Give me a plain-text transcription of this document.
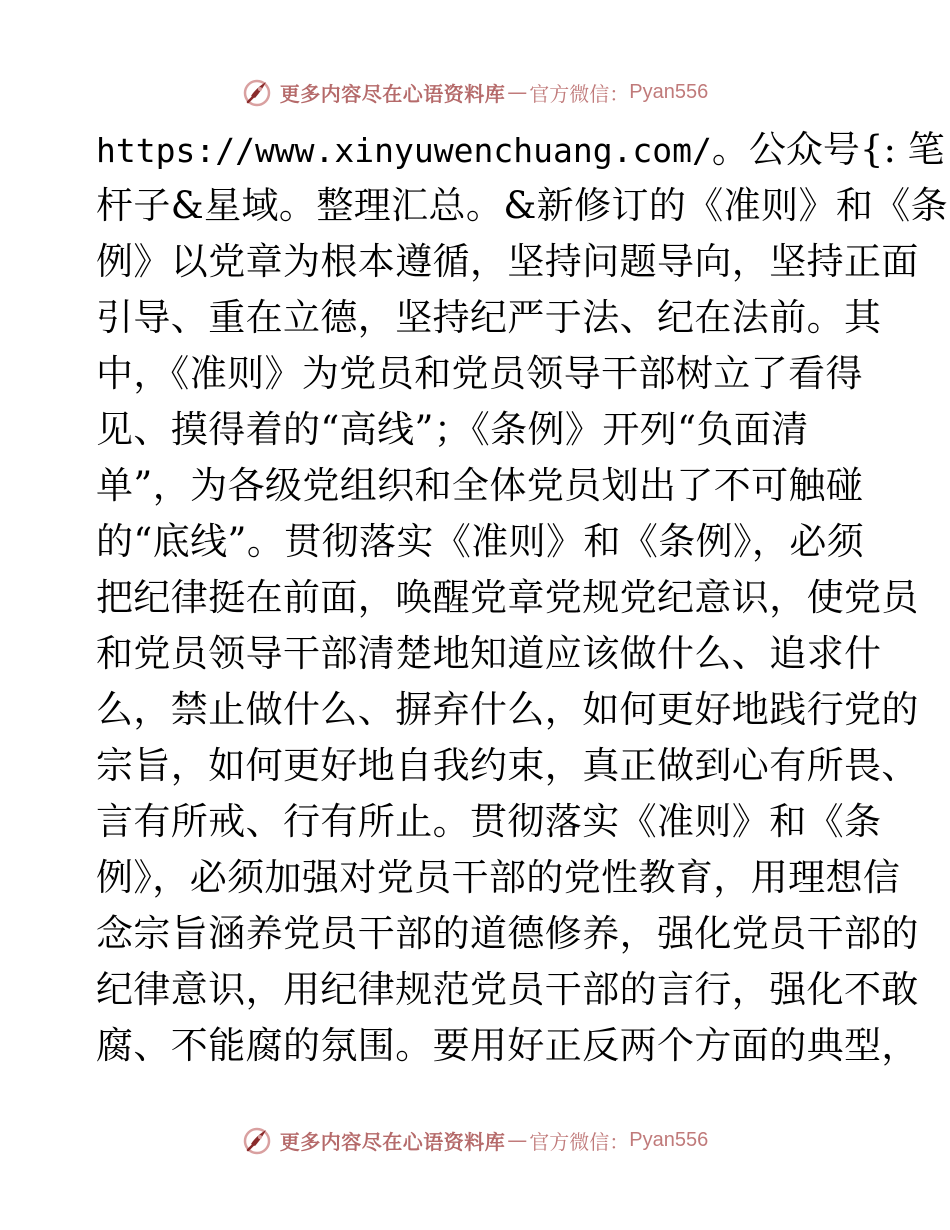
更多内容尽在心语资料库 — 官方微信： Pyan556
https://www.xinyuwenchuang.com/。公众号{: 笔
杆子&星域。整理汇总。&新修订的《准则》和《条
例》以党章为根本遵循，坚持问题导向，坚持正面
引导、重在立德，坚持纪严于法、纪在法前。其
中，《准则》为党员和党员领导干部树立了看得
见、摸得着的“高线”；《条例》开列“负面清
单”，为各级党组织和全体党员划出了不可触碰
的“底线”。贯彻落实《准则》和《条例》，必须
把纪律挺在前面，唤醒党章党规党纪意识，使党员
和党员领导干部清楚地知道应该做什么、追求什
么，禁止做什么、摒弃什么，如何更好地践行党的
宗旨，如何更好地自我约束，真正做到心有所畏、
言有所戒、行有所止。贯彻落实《准则》和《条
例》，必须加强对党员干部的党性教育，用理想信
念宗旨涵养党员干部的道德修养，强化党员干部的
纪律意识，用纪律规范党员干部的言行，强化不敢
腐、不能腐的氛围。要用好正反两个方面的典型，
更多内容尽在心语资料库 — 官方微信： Pyan556
